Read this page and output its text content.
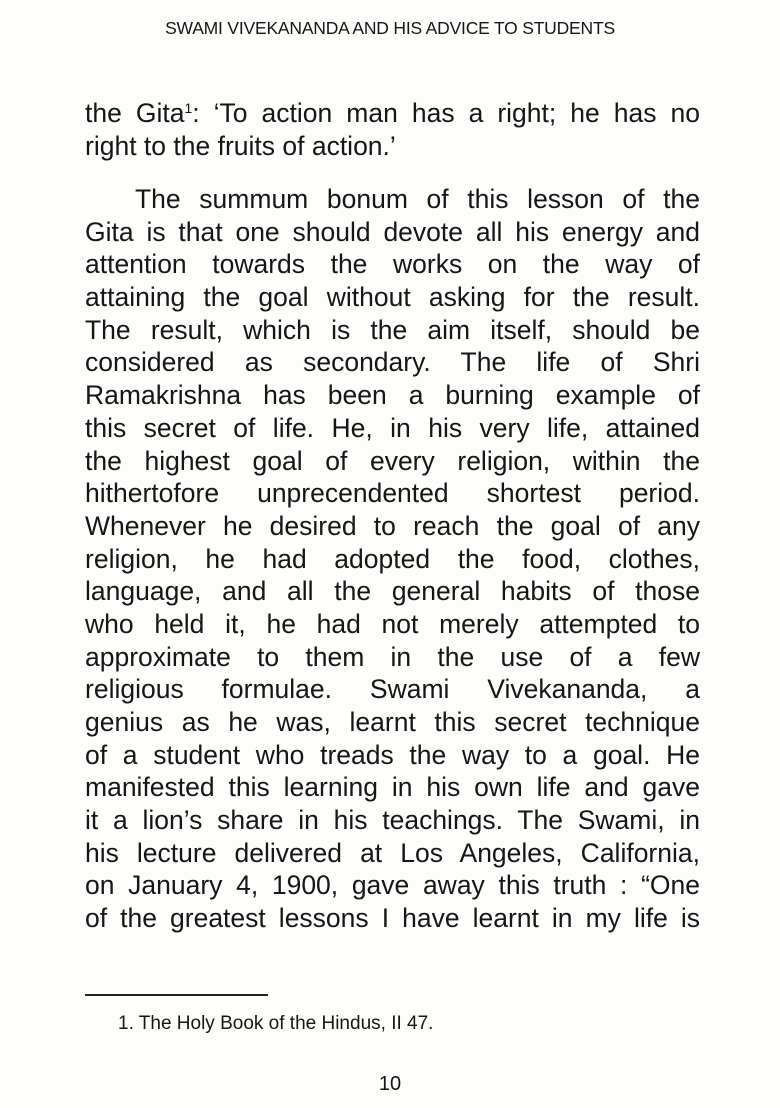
SWAMI VIVEKANANDA AND HIS ADVICE TO STUDENTS
the Gita$^1$: ‘To action man has a right; he has no
right to the fruits of action.’
The summum bonum of this lesson of the
Gita is that one should devote all his energy and
attention towards the works on the way of
attaining the goal without asking for the result.
The result, which is the aim itself, should be
considered as secondary. The life of Shri
Ramakrishna has been a burning example of
this secret of life. He, in his very life, attained
the highest goal of every religion, within the
hithertofore unprecendented shortest period.
Whenever he desired to reach the goal of any
religion, he had adopted the food, clothes,
language, and all the general habits of those
who held it, he had not merely attempted to
approximate to them in the use of a few
religious formulae. Swami Vivekananda, a
genius as he was, learnt this secret technique
of a student who treads the way to a goal. He
manifested this learning in his own life and gave
it a lion’s share in his teachings. The Swami, in
his lecture delivered at Los Angeles, California,
on January 4, 1900, gave away this truth : “One
of the greatest lessons I have learnt in my life is
1. The Holy Book of the Hindus, II 47.
10
